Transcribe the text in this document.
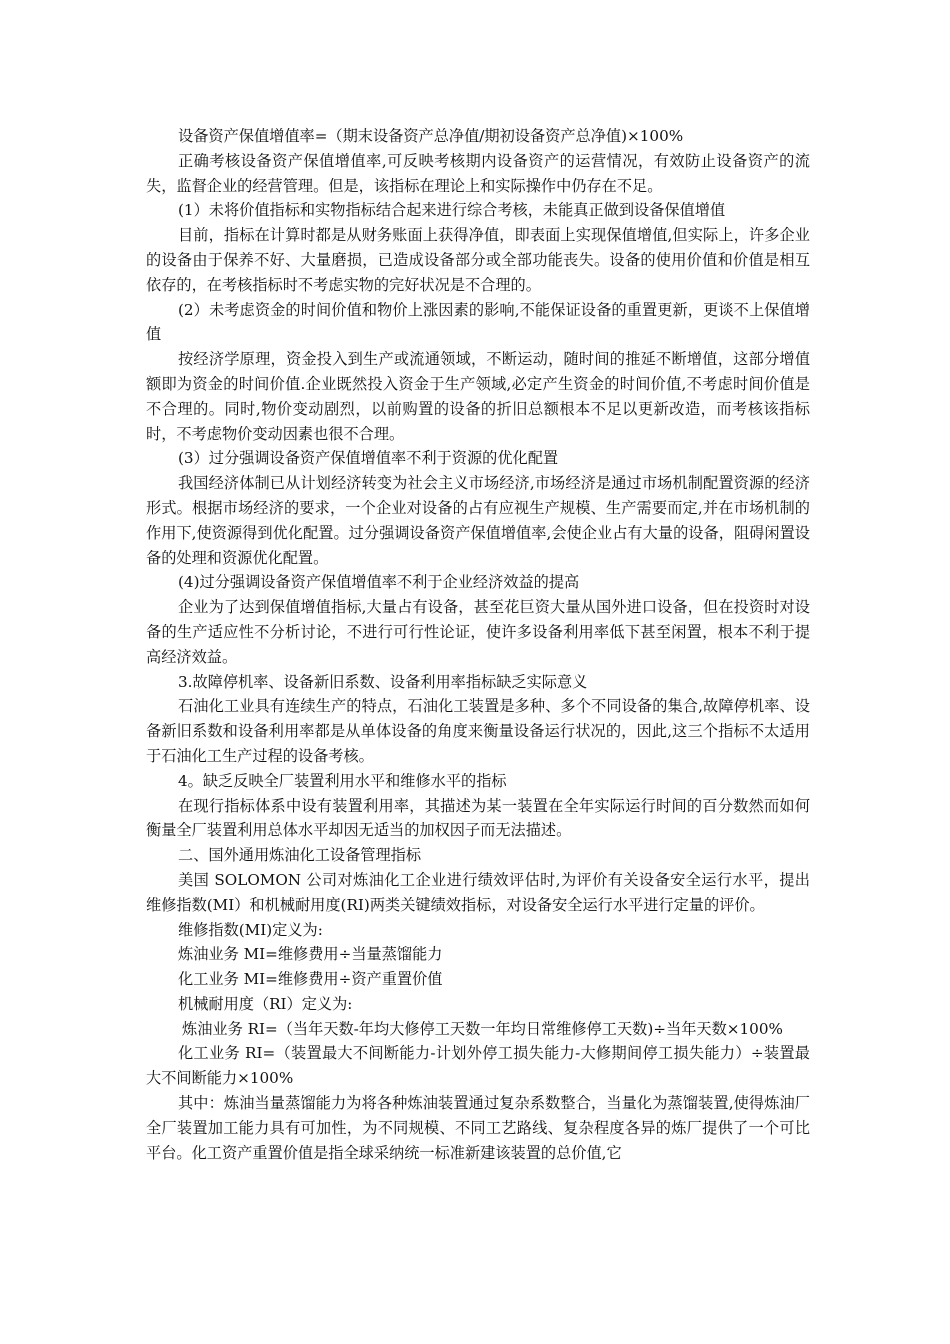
设备资产保值增值率=（期末设备资产总净值/期初设备资产总净值)×100%

正确考核设备资产保值增值率,可反映考核期内设备资产的运营情况，有效防止设备资产的流失，监督企业的经营管理。但是，该指标在理论上和实际操作中仍存在不足。

(1）未将价值指标和实物指标结合起来进行综合考核，未能真正做到设备保值增值

目前，指标在计算时都是从财务账面上获得净值，即表面上实现保值增值,但实际上，许多企业的设备由于保养不好、大量磨损，已造成设备部分或全部功能丧失。设备的使用价值和价值是相互依存的，在考核指标时不考虑实物的完好状况是不合理的。

(2）未考虑资金的时间价值和物价上涨因素的影响,不能保证设备的重置更新，更谈不上保值增值

按经济学原理，资金投入到生产或流通领域，不断运动，随时间的推延不断增值，这部分增值额即为资金的时间价值.企业既然投入资金于生产领域,必定产生资金的时间价值,不考虑时间价值是不合理的。同时,物价变动剧烈，以前购置的设备的折旧总额根本不足以更新改造，而考核该指标时，不考虑物价变动因素也很不合理。

(3）过分强调设备资产保值增值率不利于资源的优化配置

我国经济体制已从计划经济转变为社会主义市场经济,市场经济是通过市场机制配置资源的经济形式。根据市场经济的要求，一个企业对设备的占有应视生产规模、生产需要而定,并在市场机制的作用下,使资源得到优化配置。过分强调设备资产保值增值率,会使企业占有大量的设备，阻碍闲置设备的处理和资源优化配置。

(4)过分强调设备资产保值增值率不利于企业经济效益的提高

企业为了达到保值增值指标,大量占有设备，甚至花巨资大量从国外进口设备，但在投资时对设备的生产适应性不分析讨论，不进行可行性论证，使许多设备利用率低下甚至闲置，根本不利于提高经济效益。

3.故障停机率、设备新旧系数、设备利用率指标缺乏实际意义

石油化工业具有连续生产的特点，石油化工装置是多种、多个不同设备的集合,故障停机率、设备新旧系数和设备利用率都是从单体设备的角度来衡量设备运行状况的，因此,这三个指标不太适用于石油化工生产过程的设备考核。

4。缺乏反映全厂装置利用水平和维修水平的指标

在现行指标体系中设有装置利用率，其描述为某一装置在全年实际运行时间的百分数然而如何衡量全厂装置利用总体水平却因无适当的加权因子而无法描述。

二、国外通用炼油化工设备管理指标

美国 SOLOMON 公司对炼油化工企业进行绩效评估时,为评价有关设备安全运行水平，提出维修指数(MI）和机械耐用度(RI)两类关键绩效指标，对设备安全运行水平进行定量的评价。

维修指数(MI)定义为:

炼油业务 MI=维修费用÷当量蒸馏能力

化工业务 MI=维修费用÷资产重置价值

机械耐用度（RI）定义为:

炼油业务 RI=（当年天数-年均大修停工天数一年均日常维修停工天数)÷当年天数×100%

化工业务 RI=（装置最大不间断能力-计划外停工损失能力-大修期间停工损失能力）÷装置最大不间断能力×100%

其中：炼油当量蒸馏能力为将各种炼油装置通过复杂系数整合，当量化为蒸馏装置,使得炼油厂全厂装置加工能力具有可加性，为不同规模、不同工艺路线、复杂程度各异的炼厂提供了一个可比平台。化工资产重置价值是指全球采纳统一标准新建该装置的总价值,它
